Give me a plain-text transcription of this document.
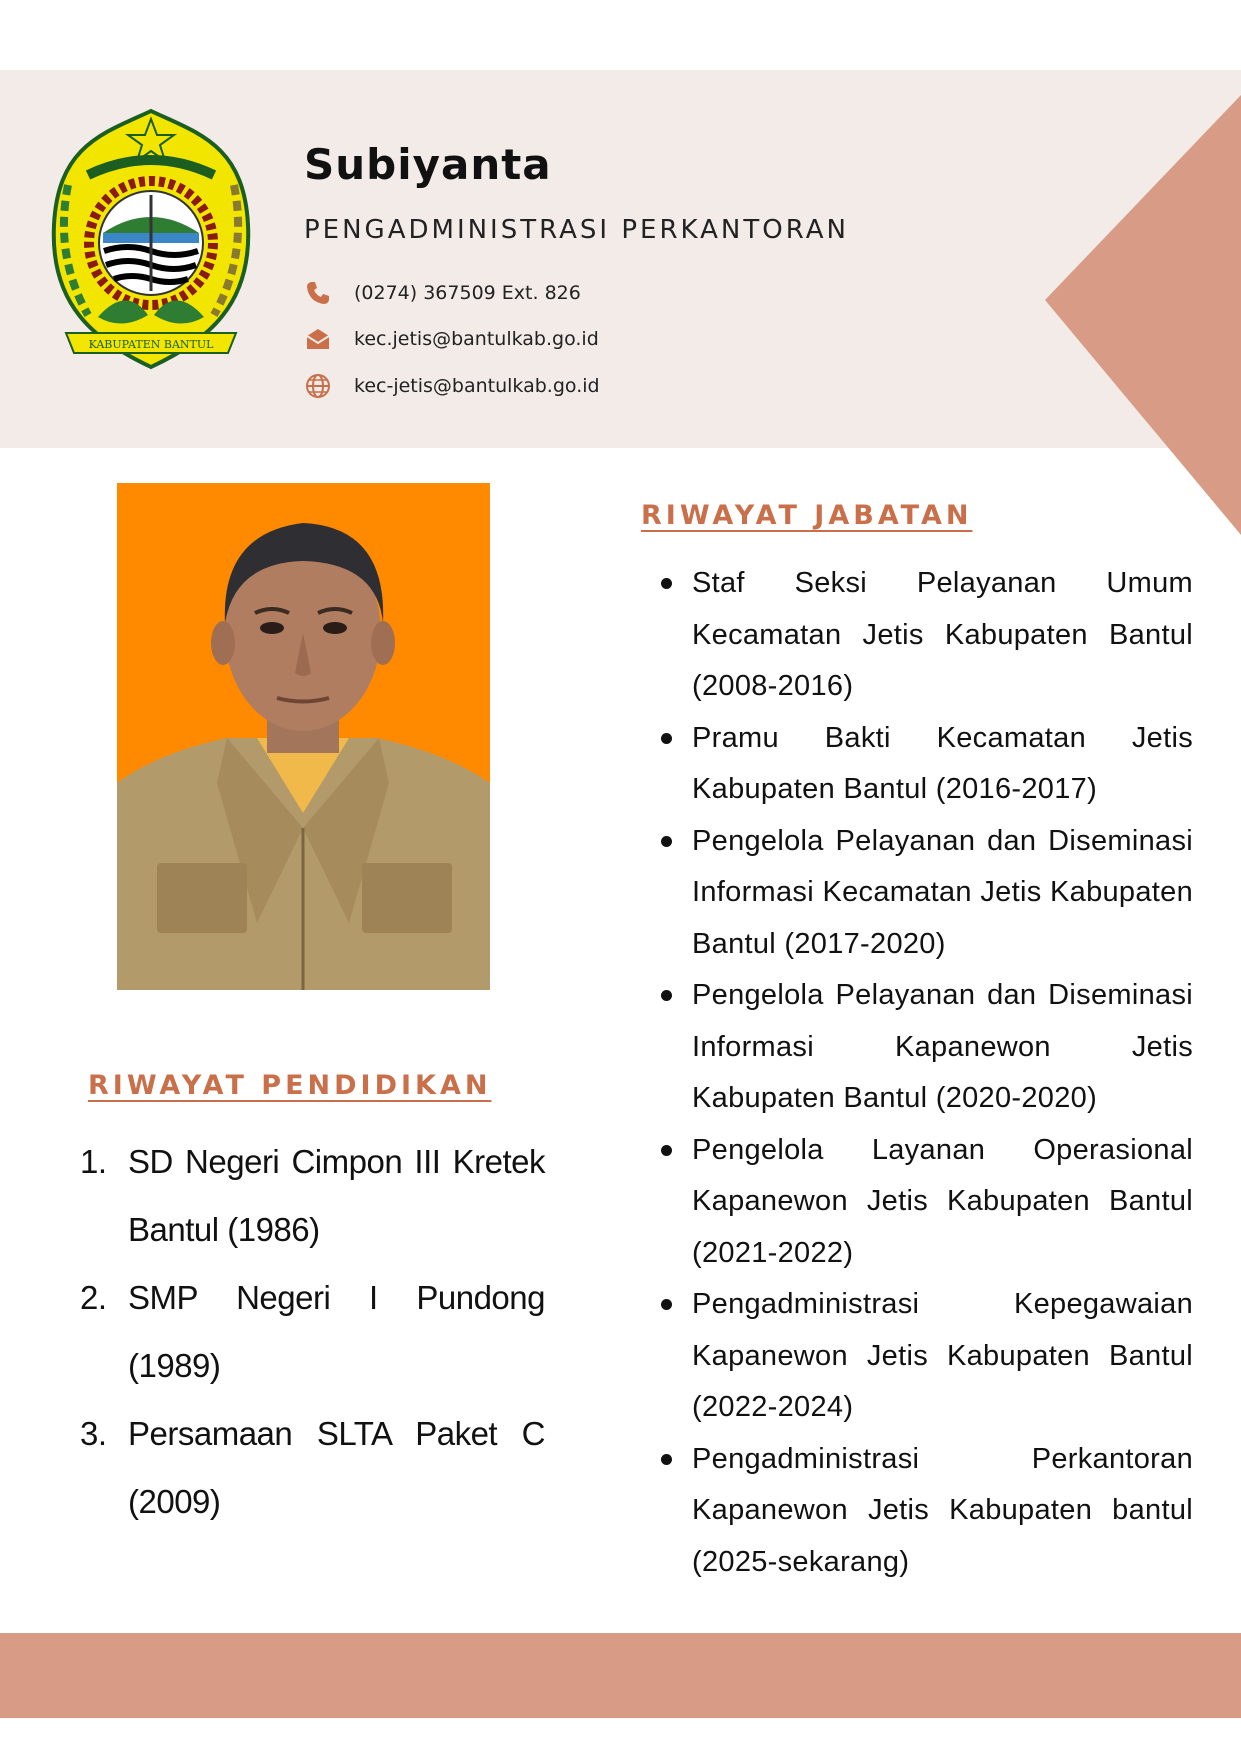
KABUPATEN BANTUL
Subiyanta
PENGADMINISTRASI PERKANTORAN
(0274) 367509 Ext. 826
kec.jetis@bantulkab.go.id
kec-jetis@bantulkab.go.id
RIWAYAT PENDIDIKAN
1. SD Negeri Cimpon III Kretek Bantul (1986)
2. SMP Negeri I Pundong (1989)
3. Persamaan SLTA Paket C (2009)
RIWAYAT JABATAN
Staf Seksi Pelayanan Umum Kecamatan Jetis Kabupaten Bantul (2008-2016)
Pramu Bakti Kecamatan Jetis Kabupaten Bantul (2016-2017)
Pengelola Pelayanan dan Diseminasi Informasi Kecamatan Jetis Kabupaten Bantul (2017-2020)
Pengelola Pelayanan dan Diseminasi Informasi Kapanewon Jetis Kabupaten Bantul (2020-2020)
Pengelola Layanan Operasional Kapanewon Jetis Kabupaten Bantul (2021-2022)
Pengadministrasi Kepegawaian Kapanewon Jetis Kabupaten Bantul (2022-2024)
Pengadministrasi Perkantoran Kapanewon Jetis Kabupaten bantul (2025-sekarang)
